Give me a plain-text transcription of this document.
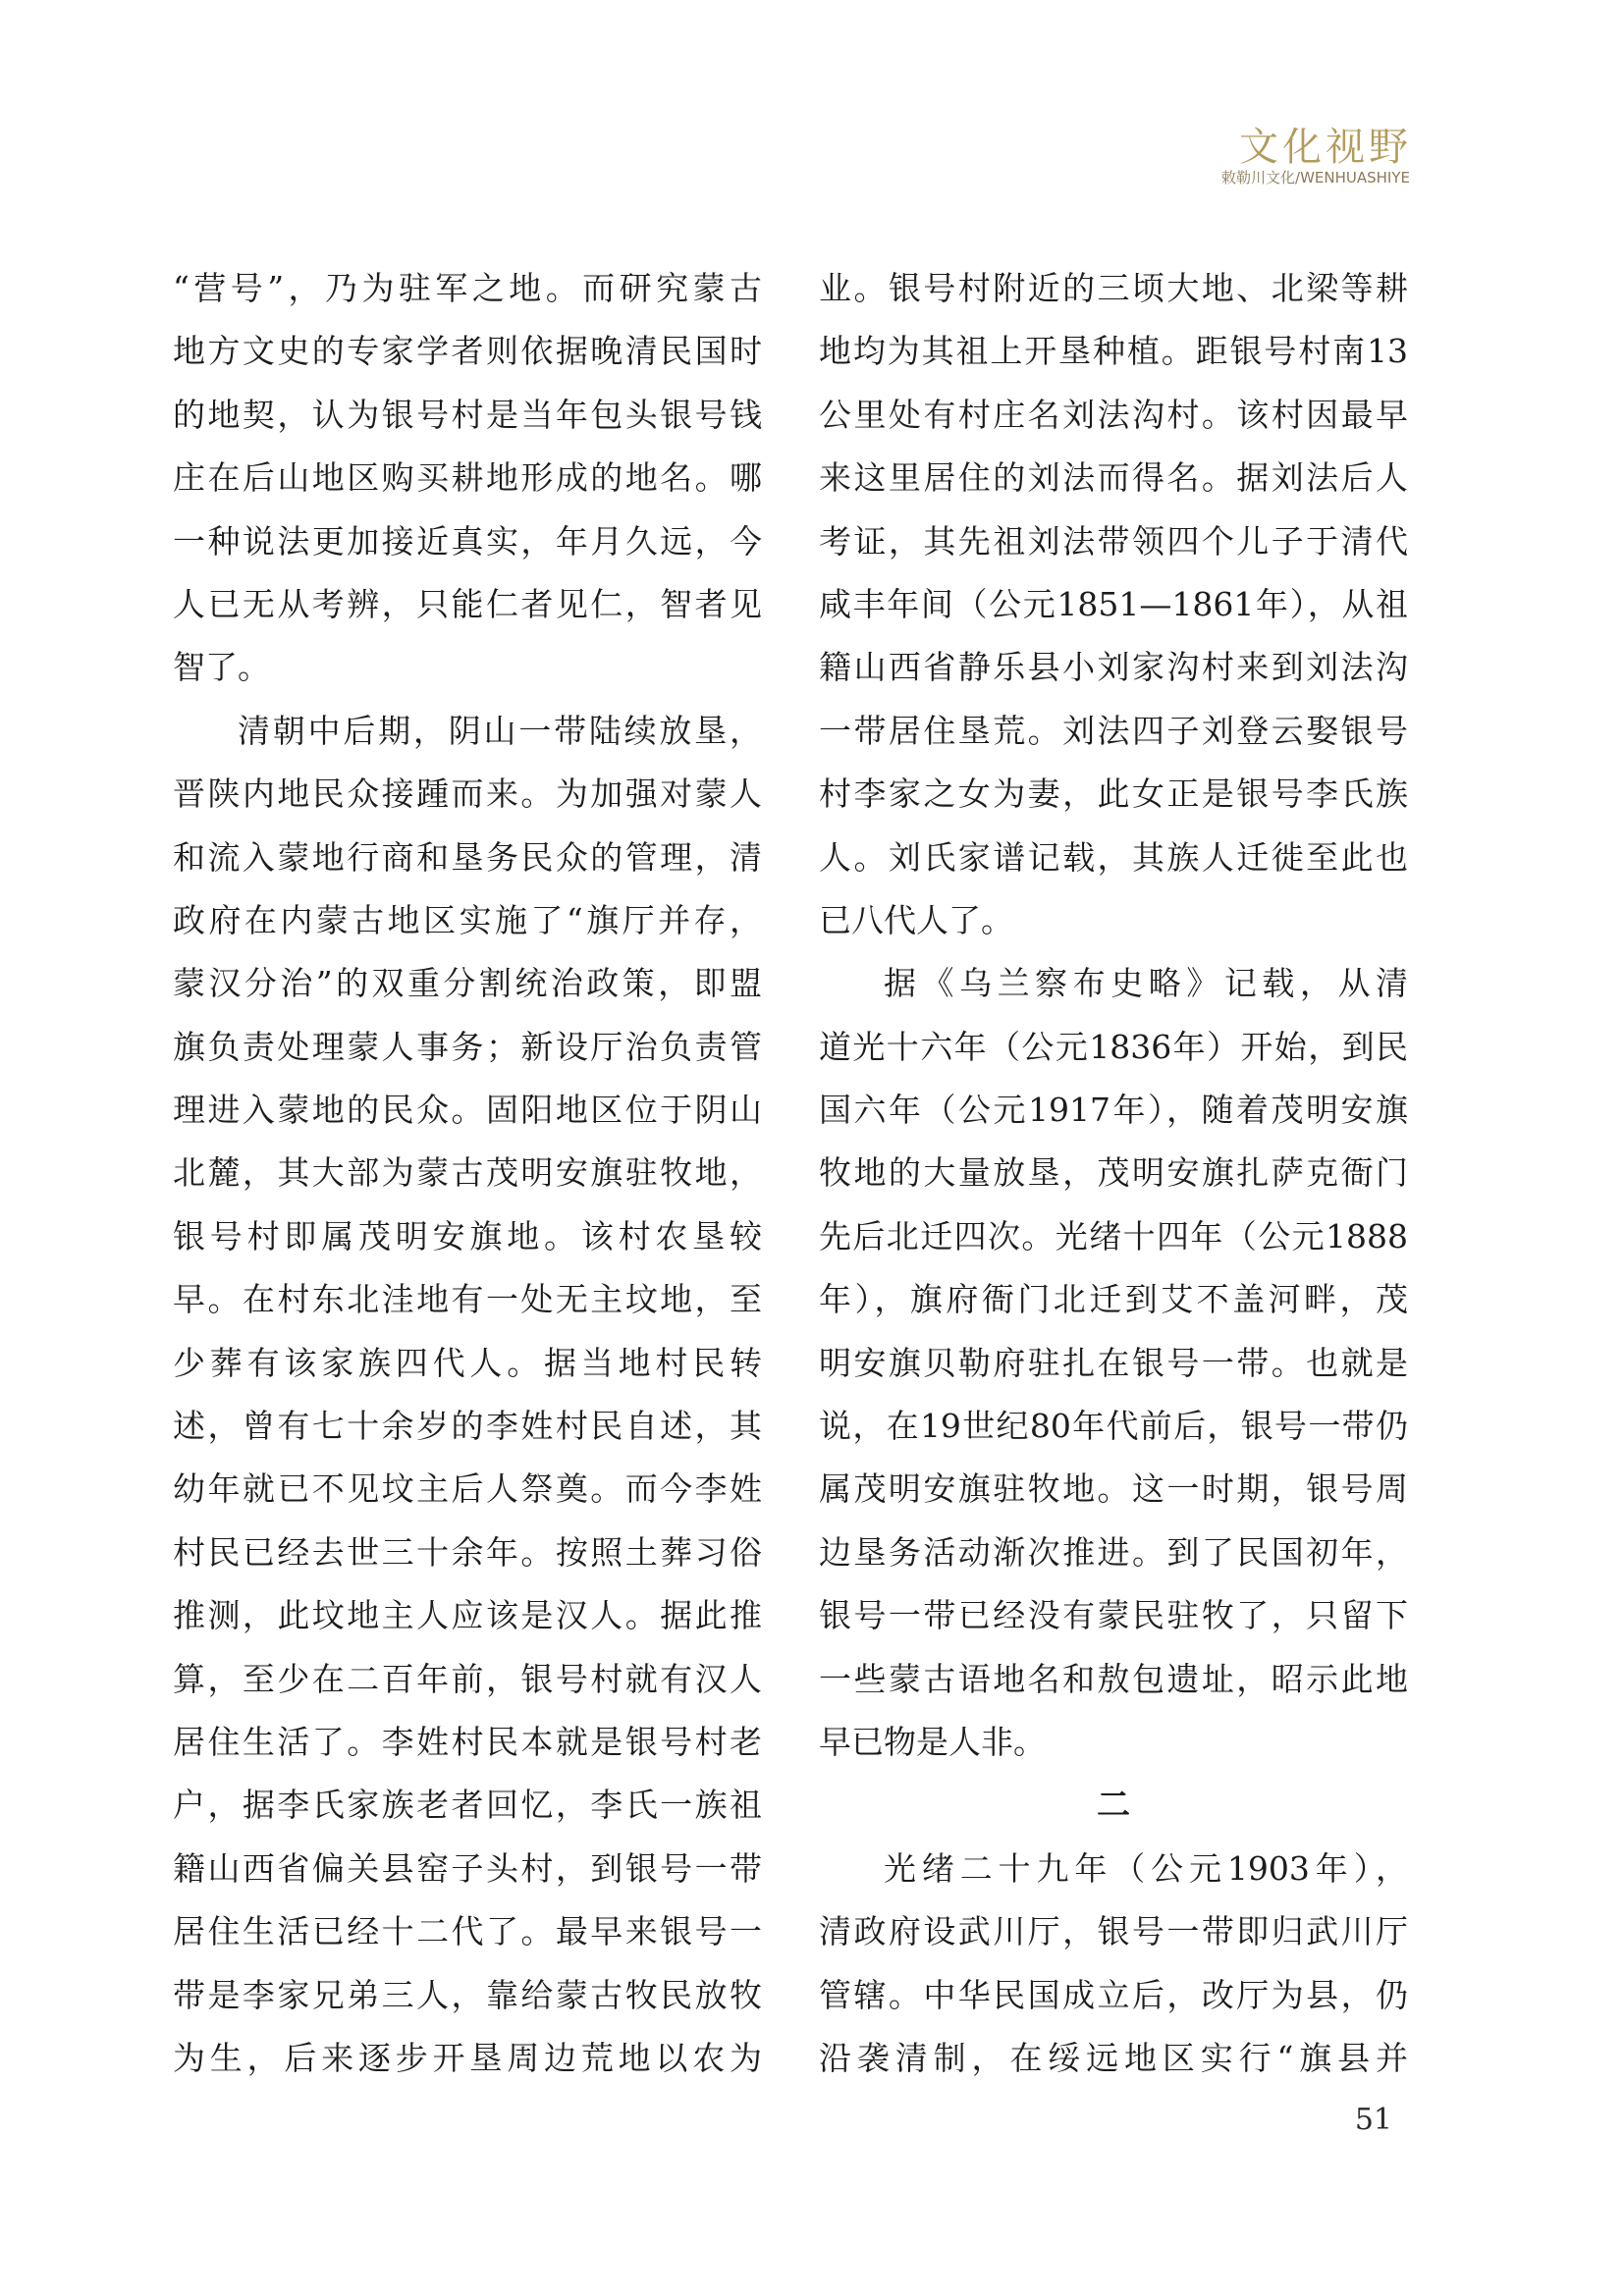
文化视野
敕勒川文化/WENHUASHIYE
“营号”，乃为驻军之地。而研究蒙古
地方文史的专家学者则依据晚清民国时
的地契，认为银号村是当年包头银号钱
庄在后山地区购买耕地形成的地名。哪
一种说法更加接近真实，年月久远，今
人已无从考辨，只能仁者见仁，智者见
智了。
清朝中后期，阴山一带陆续放垦，
晋陕内地民众接踵而来。为加强对蒙人
和流入蒙地行商和垦务民众的管理，清
政府在内蒙古地区实施了“旗厅并存，
蒙汉分治”的双重分割统治政策，即盟
旗负责处理蒙人事务；新设厅治负责管
理进入蒙地的民众。固阳地区位于阴山
北麓，其大部为蒙古茂明安旗驻牧地，
银号村即属茂明安旗地。该村农垦较
早。在村东北洼地有一处无主坟地，至
少葬有该家族四代人。据当地村民转
述，曾有七十余岁的李姓村民自述，其
幼年就已不见坟主后人祭奠。而今李姓
村民已经去世三十余年。按照土葬习俗
推测，此坟地主人应该是汉人。据此推
算，至少在二百年前，银号村就有汉人
居住生活了。李姓村民本就是银号村老
户，据李氏家族老者回忆，李氏一族祖
籍山西省偏关县窑子头村，到银号一带
居住生活已经十二代了。最早来银号一
带是李家兄弟三人，靠给蒙古牧民放牧
为生，后来逐步开垦周边荒地以农为
业。银号村附近的三顷大地、北梁等耕
地均为其祖上开垦种植。距银号村南13
公里处有村庄名刘法沟村。该村因最早
来这里居住的刘法而得名。据刘法后人
考证，其先祖刘法带领四个儿子于清代
咸丰年间（公元1851—1861年），从祖
籍山西省静乐县小刘家沟村来到刘法沟
一带居住垦荒。刘法四子刘登云娶银号
村李家之女为妻，此女正是银号李氏族
人。刘氏家谱记载，其族人迁徙至此也
已八代人了。
据《乌兰察布史略》记载，从清
道光十六年（公元1836年）开始，到民
国六年（公元1917年），随着茂明安旗
牧地的大量放垦，茂明安旗扎萨克衙门
先后北迁四次。光绪十四年（公元1888
年），旗府衙门北迁到艾不盖河畔，茂
明安旗贝勒府驻扎在银号一带。也就是
说，在19世纪80年代前后，银号一带仍
属茂明安旗驻牧地。这一时期，银号周
边垦务活动渐次推进。到了民国初年，
银号一带已经没有蒙民驻牧了，只留下
一些蒙古语地名和敖包遗址，昭示此地
早已物是人非。
二
光绪二十九年（公元1903年），
清政府设武川厅，银号一带即归武川厅
管辖。中华民国成立后，改厅为县，仍
沿袭清制，在绥远地区实行“旗县并
51
